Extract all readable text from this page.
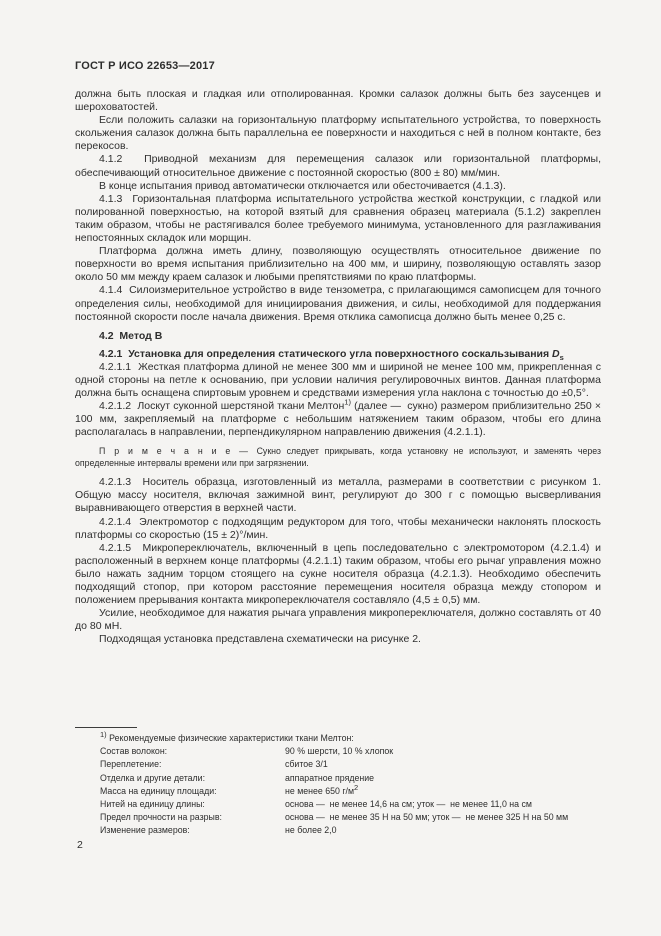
ГОСТ Р ИСО 22653—2017

должна быть плоская и гладкая или отполированная. Кромки салазок должны быть без заусенцев и шероховатостей.

Если положить салазки на горизонтальную платформу испытательного устройства, то поверхность скольжения салазок должна быть параллельна ее поверхности и находиться с ней в полном контакте, без перекосов.

4.1.2  Приводной механизм для перемещения салазок или горизонтальной платформы, обеспечивающий относительное движение с постоянной скоростью (800 ± 80) мм/мин.

В конце испытания привод автоматически отключается или обесточивается (4.1.3).

4.1.3  Горизонтальная платформа испытательного устройства жесткой конструкции, с гладкой или полированной поверхностью, на которой взятый для сравнения образец материала (5.1.2) закреплен таким образом, чтобы не растягивался более требуемого минимума, установленного для разглаживания непостоянных складок или морщин.

Платформа должна иметь длину, позволяющую осуществлять относительное движение по поверхности во время испытания приблизительно на 400 мм, и ширину, позволяющую оставлять зазор около 50 мм между краем салазок и любыми препятствиями по краю платформы.

4.1.4  Силоизмерительное устройство в виде тензометра, с прилагающимся самописцем для точного определения силы, необходимой для инициирования движения, и силы, необходимой для поддержания постоянной скорости после начала движения. Время отклика самописца должно быть менее 0,25 с.

4.2  Метод В

4.2.1  Установка для определения статического угла поверхностного соскальзывания $D_s$

4.2.1.1  Жесткая платформа длиной не менее 300 мм и шириной не менее 100 мм, прикрепленная с одной стороны на петле к основанию, при условии наличия регулировочных винтов. Данная платформа должна быть оснащена спиртовым уровнем и средствами измерения угла наклона с точностью до ±0,5°.

4.2.1.2  Лоскут суконной шерстяной ткани Мелтон$^{1)}$ (далее —  сукно) размером приблизительно 250 × 100 мм, закрепляемый на платформе с небольшим натяжением таким образом, чтобы его длина располагалась в направлении, перпендикулярном направлению движения (4.2.1.1).

П р и м е ч а н и е — Сукно следует прикрывать, когда установку не используют, и заменять через определенные интервалы времени или при загрязнении.

4.2.1.3  Носитель образца, изготовленный из металла, размерами в соответствии с рисунком 1. Общую массу носителя, включая зажимной винт, регулируют до 300 г с помощью высверливания выравнивающего отверстия в верхней части.

4.2.1.4  Электромотор с подходящим редуктором для того, чтобы механически наклонять плоскость платформы со скоростью (15 ± 2)°/мин.

4.2.1.5  Микропереключатель, включенный в цепь последовательно с электромотором (4.2.1.4) и расположенный в верхнем конце платформы (4.2.1.1) таким образом, чтобы его рычаг управления можно было нажать задним торцом стоящего на сукне носителя образца (4.2.1.3). Необходимо обеспечить подходящий стопор, при котором расстояние перемещения носителя образца между стопором и положением прерывания контакта микропереключателя составляло (4,5 ± 0,5) мм.

Усилие, необходимое для нажатия рычага управления микропереключателя, должно составлять от 40 до 80 мН.

Подходящая установка представлена схематически на рисунке 2.

$^{1)}$ Рекомендуемые физические характеристики ткани Мелтон:
Состав волокон:	90 % шерсти, 10 % хлопок
Переплетение:	сбитое 3/1
Отделка и другие детали:	аппаратное прядение
Масса на единицу площади:	не менее 650 $г/м^2$
Нитей на единицу длины:	основа —  не менее 14,6 на см; уток —  не менее 11,0 на см
Предел прочности на разрыв:	основа —  не менее 35 Н на 50 мм; уток —  не менее 325 Н на 50 мм
Изменение размеров:	не более 2,0
2
